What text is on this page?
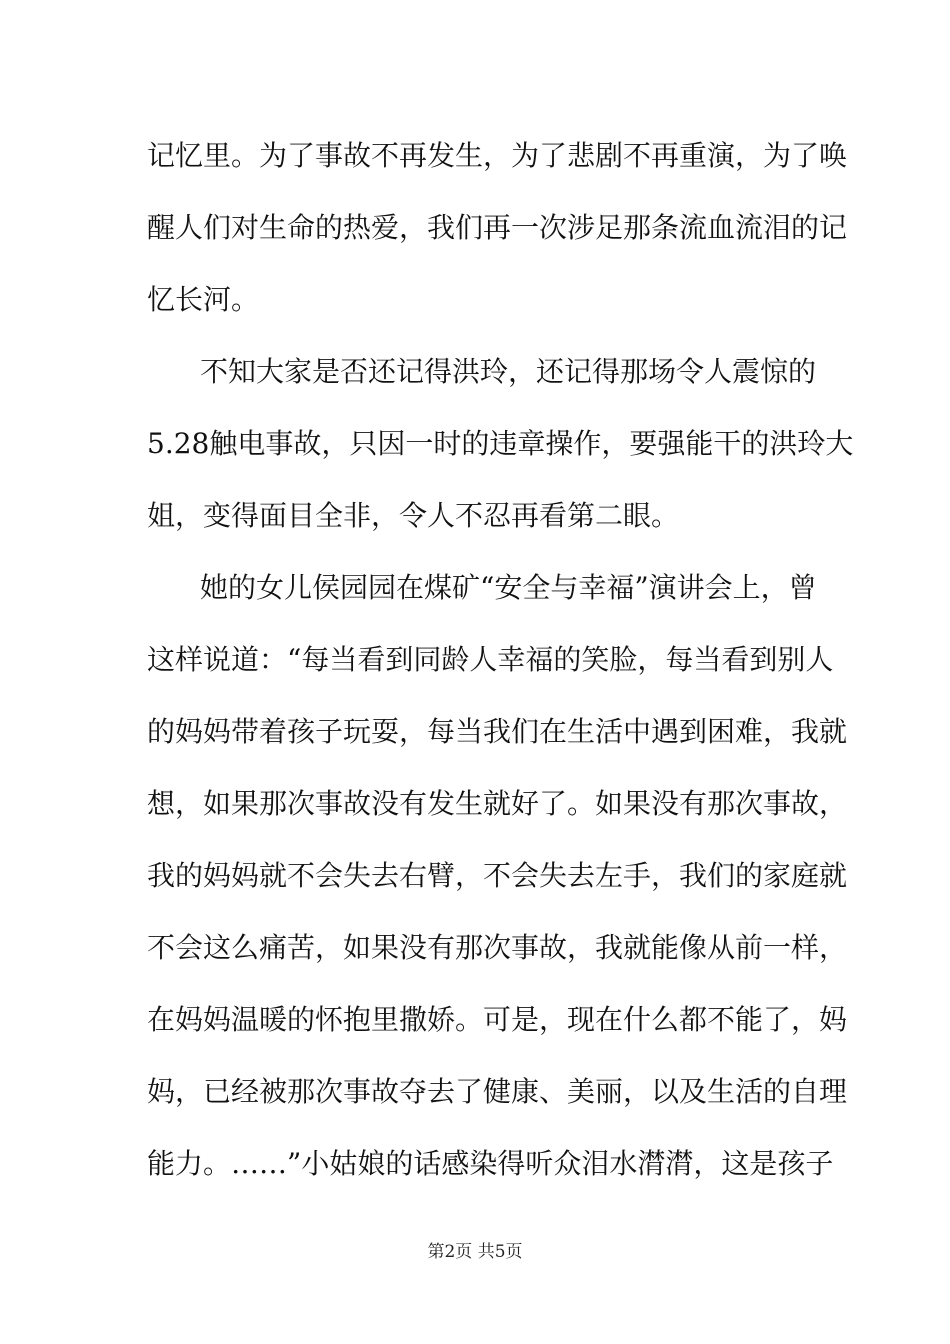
记忆里。为了事故不再发生，为了悲剧不再重演，为了唤
醒人们对生命的热爱，我们再一次涉足那条流血流泪的记
忆长河。
不知大家是否还记得洪玲，还记得那场令人震惊的
5.28触电事故，只因一时的违章操作，要强能干的洪玲大
姐，变得面目全非，令人不忍再看第二眼。
她的女儿侯园园在煤矿“安全与幸福”演讲会上，曾
这样说道：“每当看到同龄人幸福的笑脸，每当看到别人
的妈妈带着孩子玩耍，每当我们在生活中遇到困难，我就
想，如果那次事故没有发生就好了。如果没有那次事故，
我的妈妈就不会失去右臂，不会失去左手，我们的家庭就
不会这么痛苦，如果没有那次事故，我就能像从前一样，
在妈妈温暖的怀抱里撒娇。可是，现在什么都不能了，妈
妈，已经被那次事故夺去了健康、美丽，以及生活的自理
能力。……”小姑娘的话感染得听众泪水潸潸，这是孩子
第2页 共5页
